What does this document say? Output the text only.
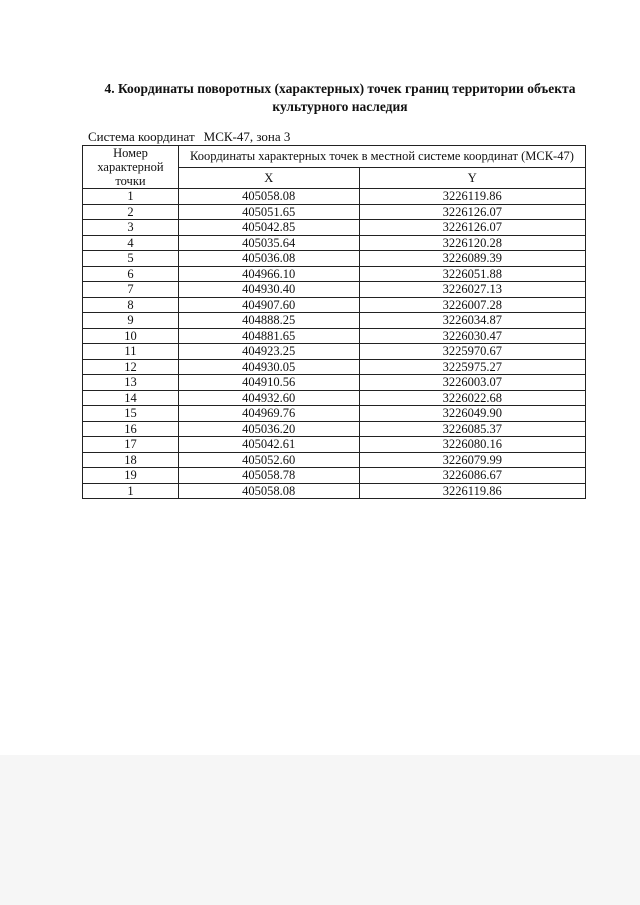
4. Координаты поворотных (характерных) точек границ территории объекта
культурного наследия
Система координат МСК-47, зона 3
Номер характерной точки	Координаты характерных точек в местной системе координат (МСК-47)	
	X	Y
1	405058.08	3226119.86
2	405051.65	3226126.07
3	405042.85	3226126.07
4	405035.64	3226120.28
5	405036.08	3226089.39
6	404966.10	3226051.88
7	404930.40	3226027.13
8	404907.60	3226007.28
9	404888.25	3226034.87
10	404881.65	3226030.47
11	404923.25	3225970.67
12	404930.05	3225975.27
13	404910.56	3226003.07
14	404932.60	3226022.68
15	404969.76	3226049.90
16	405036.20	3226085.37
17	405042.61	3226080.16
18	405052.60	3226079.99
19	405058.78	3226086.67
1	405058.08	3226119.86
